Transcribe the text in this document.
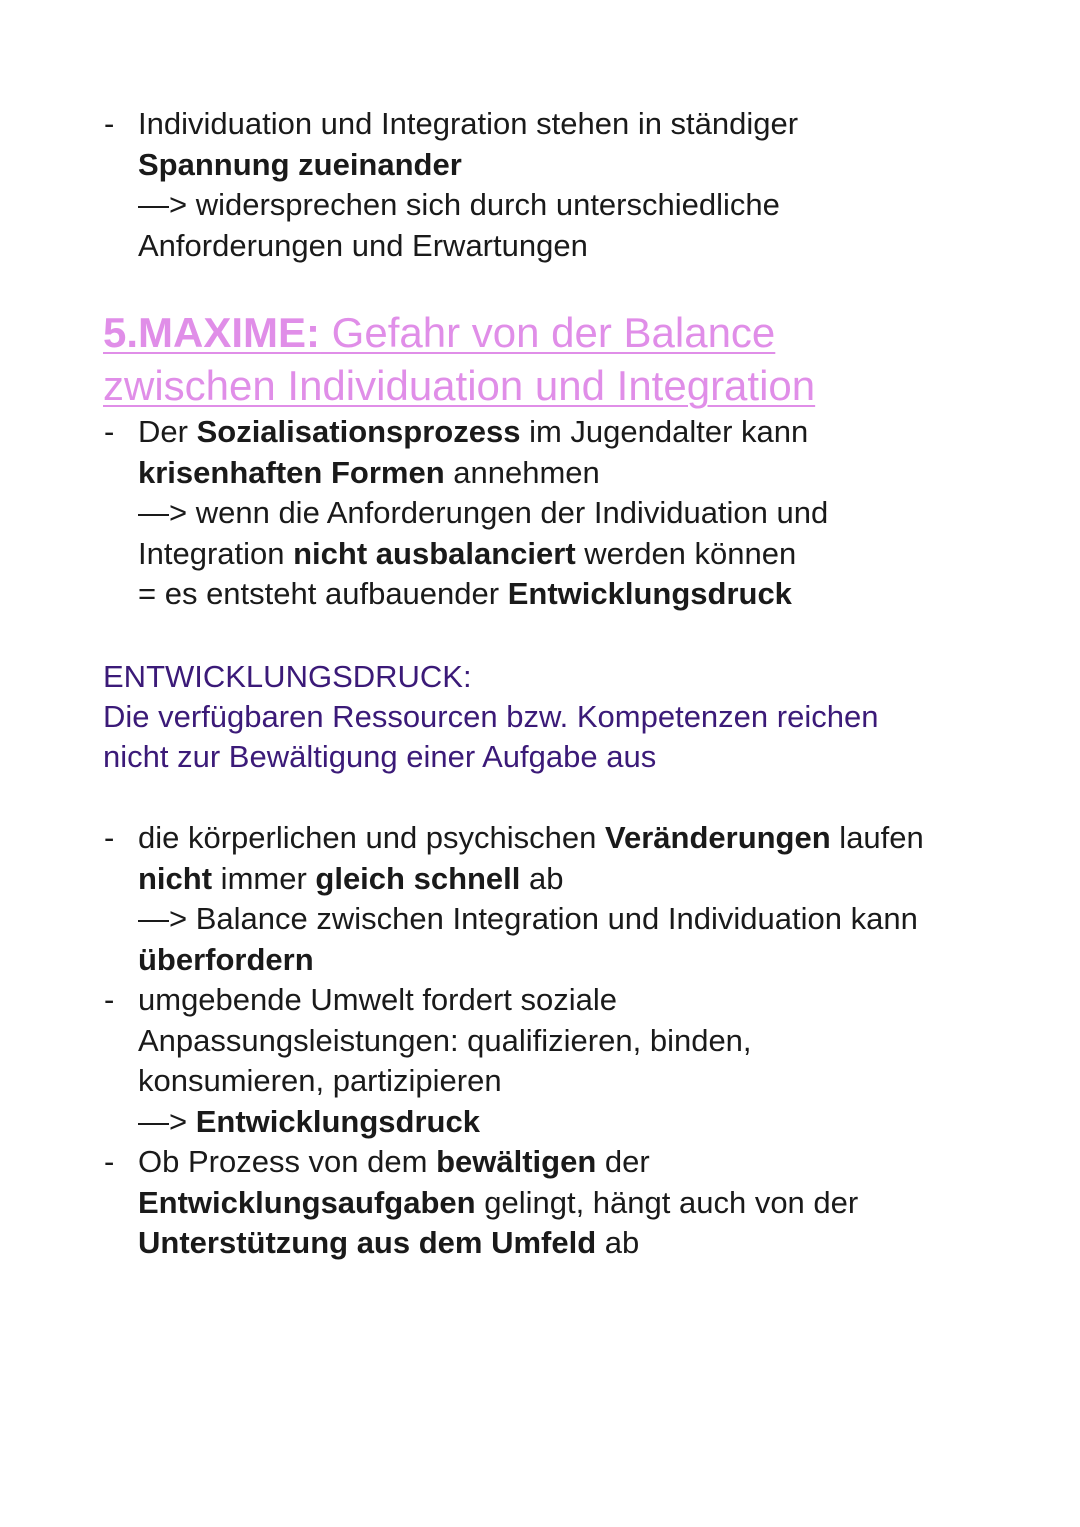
- Individuation und Integration stehen in ständiger
Spannung zueinander
—> widersprechen sich durch unterschiedliche
Anforderungen und Erwartungen
5.MAXIME: Gefahr von der Balance
zwischen Individuation und Integration
- Der Sozialisationsprozess im Jugendalter kann
krisenhaften Formen annehmen
—> wenn die Anforderungen der Individuation und
Integration nicht ausbalanciert werden können
= es entsteht aufbauender Entwicklungsdruck
ENTWICKLUNGSDRUCK:
Die verfügbaren Ressourcen bzw. Kompetenzen reichen
nicht zur Bewältigung einer Aufgabe aus
- die körperlichen und psychischen Veränderungen laufen
nicht immer gleich schnell ab
—> Balance zwischen Integration und Individuation kann
überfordern
- umgebende Umwelt fordert soziale
Anpassungsleistungen: qualifizieren, binden,
konsumieren, partizipieren
—> Entwicklungsdruck
- Ob Prozess von dem bewältigen der
Entwicklungsaufgaben gelingt, hängt auch von der
Unterstützung aus dem Umfeld ab
